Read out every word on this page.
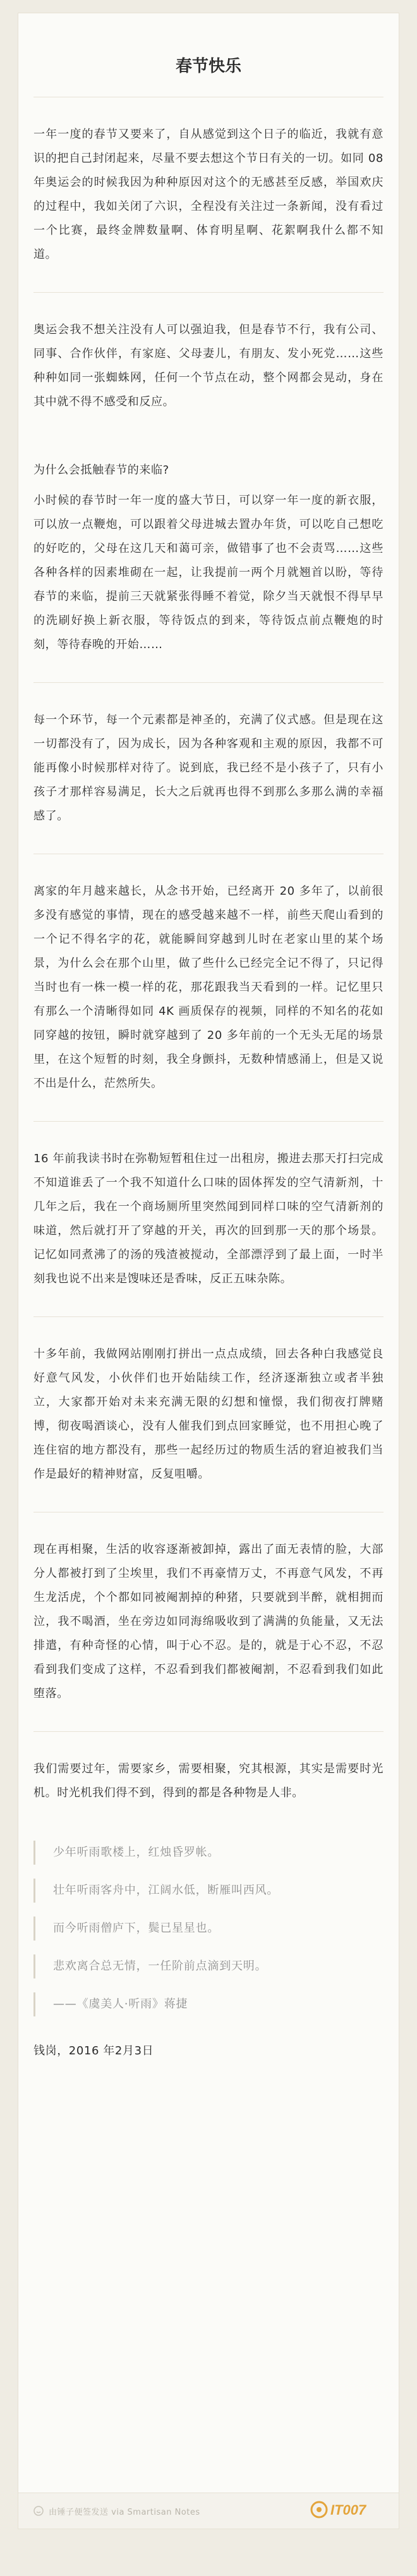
春节快乐

一年一度的春节又要来了，自从感觉到这个日子的临近，我就有意识的把自己封闭起来，尽量不要去想这个节日有关的一切。如同 08 年奥运会的时候我因为种种原因对这个的无感甚至反感，举国欢庆的过程中，我如关闭了六识，全程没有关注过一条新闻，没有看过一个比赛，最终金牌数量啊、体育明星啊、花絮啊我什么都不知道。

奥运会我不想关注没有人可以强迫我，但是春节不行，我有公司、同事、合作伙伴，有家庭、父母妻儿，有朋友、发小死党……这些种种如同一张蜘蛛网，任何一个节点在动，整个网都会晃动，身在其中就不得不感受和反应。

为什么会抵触春节的来临?

小时候的春节时一年一度的盛大节日，可以穿一年一度的新衣服，可以放一点鞭炮，可以跟着父母进城去置办年货，可以吃自己想吃的好吃的，父母在这几天和蔼可亲，做错事了也不会责骂……这些各种各样的因素堆砌在一起，让我提前一两个月就翘首以盼，等待春节的来临，提前三天就紧张得睡不着觉，除夕当天就恨不得早早的洗刷好换上新衣服，等待饭点的到来，等待饭点前点鞭炮的时刻，等待春晚的开始……

每一个环节，每一个元素都是神圣的，充满了仪式感。但是现在这一切都没有了，因为成长，因为各种客观和主观的原因，我都不可能再像小时候那样对待了。说到底，我已经不是小孩子了，只有小孩子才那样容易满足，长大之后就再也得不到那么多那么满的幸福感了。

离家的年月越来越长，从念书开始，已经离开 20 多年了，以前很多没有感觉的事情，现在的感受越来越不一样，前些天爬山看到的一个记不得名字的花，就能瞬间穿越到儿时在老家山里的某个场景，为什么会在那个山里，做了些什么已经完全记不得了，只记得当时也有一株一模一样的花，那花跟我当天看到的一样。记忆里只有那么一个清晰得如同 4K 画质保存的视频，同样的不知名的花如同穿越的按钮，瞬时就穿越到了 20 多年前的一个无头无尾的场景里，在这个短暂的时刻，我全身颤抖，无数种情感涌上，但是又说不出是什么，茫然所失。

16 年前我读书时在弥勒短暂租住过一出租房，搬进去那天打扫完成不知道谁丢了一个我不知道什么口味的固体挥发的空气清新剂，十几年之后，我在一个商场厕所里突然闻到同样口味的空气清新剂的味道，然后就打开了穿越的开关，再次的回到那一天的那个场景。记忆如同煮沸了的汤的残渣被搅动，全部漂浮到了最上面，一时半刻我也说不出来是馊味还是香味，反正五味杂陈。

十多年前，我做网站刚刚打拼出一点点成绩，回去各种白我感觉良好意气风发，小伙伴们也开始陆续工作，经济逐渐独立或者半独立，大家都开始对未来充满无限的幻想和憧憬，我们彻夜打牌赌博，彻夜喝酒谈心，没有人催我们到点回家睡觉，也不用担心晚了连住宿的地方都没有，那些一起经历过的物质生活的窘迫被我们当作是最好的精神财富，反复咀嚼。

现在再相聚，生活的收容逐渐被卸掉，露出了面无表情的脸，大部分人都被打到了尘埃里，我们不再豪情万丈，不再意气风发，不再生龙活虎，个个都如同被阉割掉的种猪，只要就到半醉，就相拥而泣，我不喝酒，坐在旁边如同海绵吸收到了满满的负能量，又无法排遣，有种奇怪的心情，叫于心不忍。是的，就是于心不忍，不忍看到我们变成了这样，不忍看到我们都被阉割，不忍看到我们如此堕落。

我们需要过年，需要家乡，需要相聚，究其根源，其实是需要时光机。时光机我们得不到，得到的都是各种物是人非。

少年听雨歌楼上，红烛昏罗帐。
壮年听雨客舟中，江阔水低，断雁叫西风。
而今听雨僧庐下，鬓已星星也。
悲欢离合总无情，一任阶前点滴到天明。
——《虞美人·听雨》蒋捷

钱岗，2016 年2月3日

由锤子便签发送 via Smartisan Notes	IT007
